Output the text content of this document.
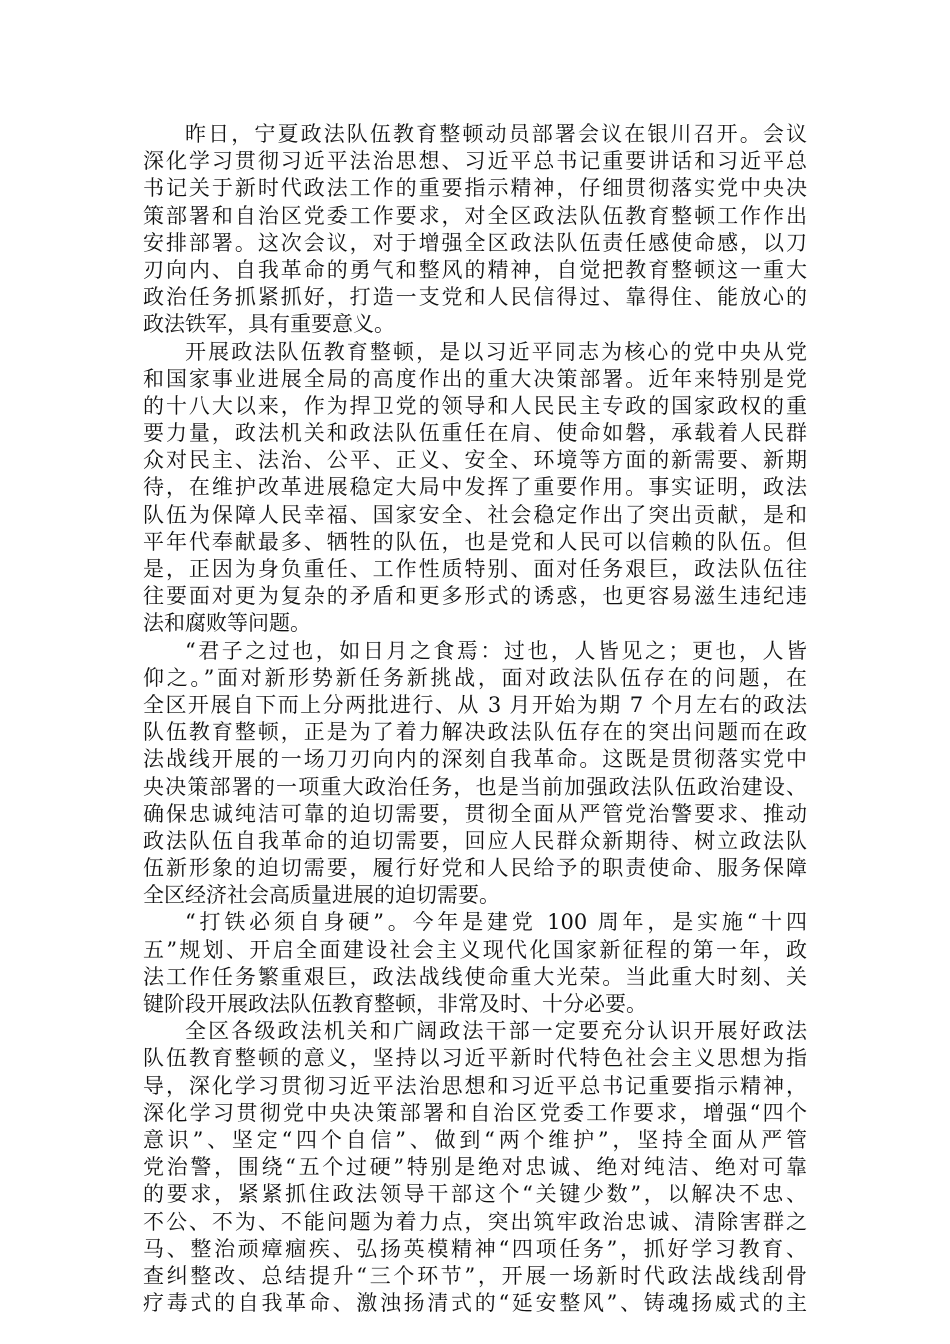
昨日，宁夏政法队伍教育整顿动员部署会议在银川召开。会议
深化学习贯彻习近平法治思想、习近平总书记重要讲话和习近平总
书记关于新时代政法工作的重要指示精神，仔细贯彻落实党中央决
策部署和自治区党委工作要求，对全区政法队伍教育整顿工作作出
安排部署。这次会议，对于增强全区政法队伍责任感使命感，以刀
刃向内、自我革命的勇气和整风的精神，自觉把教育整顿这一重大
政治任务抓紧抓好，打造一支党和人民信得过、靠得住、能放心的
政法铁军，具有重要意义。
开展政法队伍教育整顿，是以习近平同志为核心的党中央从党
和国家事业进展全局的高度作出的重大决策部署。近年来特别是党
的十八大以来，作为捍卫党的领导和人民民主专政的国家政权的重
要力量，政法机关和政法队伍重任在肩、使命如磐，承载着人民群
众对民主、法治、公平、正义、安全、环境等方面的新需要、新期
待，在维护改革进展稳定大局中发挥了重要作用。事实证明，政法
队伍为保障人民幸福、国家安全、社会稳定作出了突出贡献，是和
平年代奉献最多、牺牲的队伍，也是党和人民可以信赖的队伍。但
是，正因为身负重任、工作性质特别、面对任务艰巨，政法队伍往
往要面对更为复杂的矛盾和更多形式的诱惑，也更容易滋生违纪违
法和腐败等问题。
“君子之过也，如日月之食焉：过也，人皆见之；更也，人皆
仰之。”面对新形势新任务新挑战，面对政法队伍存在的问题，在
全区开展自下而上分两批进行、从 3 月开始为期 7 个月左右的政法
队伍教育整顿，正是为了着力解决政法队伍存在的突出问题而在政
法战线开展的一场刀刃向内的深刻自我革命。这既是贯彻落实党中
央决策部署的一项重大政治任务，也是当前加强政法队伍政治建设、
确保忠诚纯洁可靠的迫切需要，贯彻全面从严管党治警要求、推动
政法队伍自我革命的迫切需要，回应人民群众新期待、树立政法队
伍新形象的迫切需要，履行好党和人民给予的职责使命、服务保障
全区经济社会高质量进展的迫切需要。
“打铁必须自身硬”。今年是建党 100 周年，是实施“十四
五”规划、开启全面建设社会主义现代化国家新征程的第一年，政
法工作任务繁重艰巨，政法战线使命重大光荣。当此重大时刻、关
键阶段开展政法队伍教育整顿，非常及时、十分必要。
全区各级政法机关和广阔政法干部一定要充分认识开展好政法
队伍教育整顿的意义，坚持以习近平新时代特色社会主义思想为指
导，深化学习贯彻习近平法治思想和习近平总书记重要指示精神，
深化学习贯彻党中央决策部署和自治区党委工作要求，增强“四个
意识”、坚定“四个自信”、做到“两个维护”，坚持全面从严管
党治警，围绕“五个过硬”特别是绝对忠诚、绝对纯洁、绝对可靠
的要求，紧紧抓住政法领导干部这个“关键少数”，以解决不忠、
不公、不为、不能问题为着力点，突出筑牢政治忠诚、清除害群之
马、整治顽瘴痼疾、弘扬英模精神“四项任务”，抓好学习教育、
查纠整改、总结提升“三个环节”，开展一场新时代政法战线刮骨
疗毒式的自我革命、激浊扬清式的“延安整风”、铸魂扬威式的主
